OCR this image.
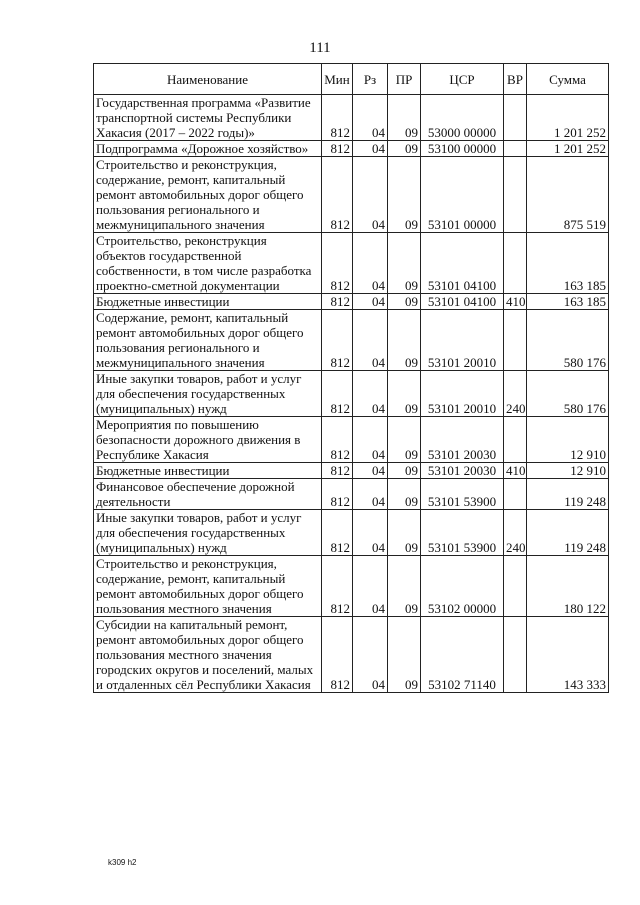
111
Наименование	Мин	Рз	ПР	ЦСР	ВР	Сумма
Государственная программа «Развитие транспортной системы Республики Хакасия (2017 – 2022 годы)»	812	04	09	53000 00000		1 201 252
Подпрограмма «Дорожное хозяйство»	812	04	09	53100 00000		1 201 252
Строительство и реконструкция, содержание, ремонт, капитальный ремонт автомобильных дорог общего пользования регионального и межмуниципального значения	812	04	09	53101 00000		875 519
Строительство, реконструкция объектов государственной собственности, в том числе разработка проектно-сметной документации	812	04	09	53101 04100		163 185
Бюджетные инвестиции	812	04	09	53101 04100	410	163 185
Содержание, ремонт, капитальный ремонт автомобильных дорог общего пользования регионального и межмуниципального значения	812	04	09	53101 20010		580 176
Иные закупки товаров, работ и услуг для обеспечения государственных (муниципальных) нужд	812	04	09	53101 20010	240	580 176
Мероприятия по повышению безопасности дорожного движения в Республике Хакасия	812	04	09	53101 20030		12 910
Бюджетные инвестиции	812	04	09	53101 20030	410	12 910
Финансовое обеспечение дорожной деятельности	812	04	09	53101 53900		119 248
Иные закупки товаров, работ и услуг для обеспечения государственных (муниципальных) нужд	812	04	09	53101 53900	240	119 248
Строительство и реконструкция, содержание, ремонт, капитальный ремонт автомобильных дорог общего пользования местного значения	812	04	09	53102 00000		180 122
Субсидии на капитальный ремонт, ремонт автомобильных дорог общего пользования местного значения городских округов и поселений, малых и отдаленных сёл Республики Хакасия	812	04	09	53102 71140		143 333
k309 h2
